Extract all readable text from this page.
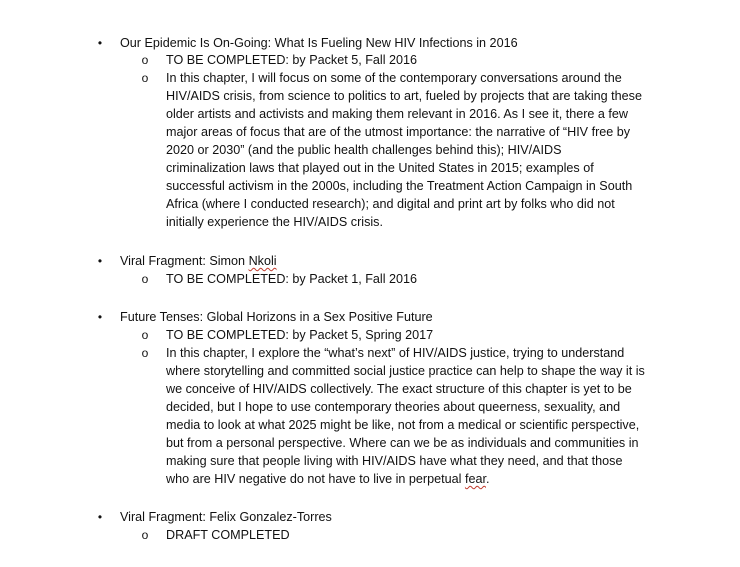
• Our Epidemic Is On-Going: What Is Fueling New HIV Infections in 2016
o TO BE COMPLETED: by Packet 5, Fall 2016
o In this chapter, I will focus on some of the contemporary conversations around the
HIV/AIDS crisis, from science to politics to art, fueled by projects that are taking these
older artists and activists and making them relevant in 2016. As I see it, there a few
major areas of focus that are of the utmost importance: the narrative of “HIV free by
2020 or 2030” (and the public health challenges behind this); HIV/AIDS
criminalization laws that played out in the United States in 2015; examples of
successful activism in the 2000s, including the Treatment Action Campaign in South
Africa (where I conducted research); and digital and print art by folks who did not
initially experience the HIV/AIDS crisis.
• Viral Fragment: Simon Nkoli
o TO BE COMPLETED: by Packet 1, Fall 2016
• Future Tenses: Global Horizons in a Sex Positive Future
o TO BE COMPLETED: by Packet 5, Spring 2017
o In this chapter, I explore the “what’s next” of HIV/AIDS justice, trying to understand
where storytelling and committed social justice practice can help to shape the way it is
we conceive of HIV/AIDS collectively. The exact structure of this chapter is yet to be
decided, but I hope to use contemporary theories about queerness, sexuality, and
media to look at what 2025 might be like, not from a medical or scientific perspective,
but from a personal perspective. Where can we be as individuals and communities in
making sure that people living with HIV/AIDS have what they need, and that those
who are HIV negative do not have to live in perpetual fear.
• Viral Fragment: Felix Gonzalez-Torres
o DRAFT COMPLETED
